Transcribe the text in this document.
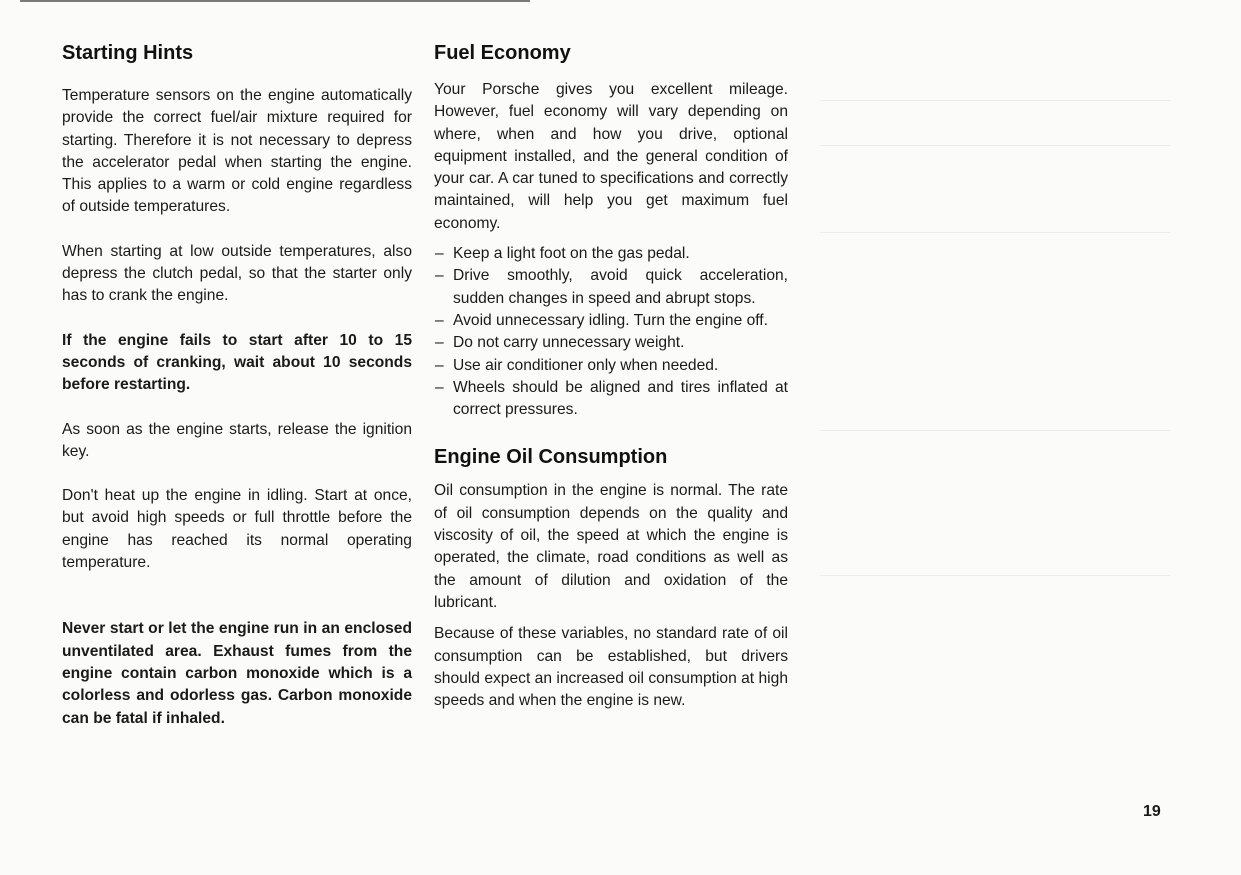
Starting Hints

Temperature sensors on the engine automatically provide the correct fuel/air mixture required for starting. Therefore it is not necessary to depress the accelerator pedal when starting the engine. This applies to a warm or cold engine regardless of outside temperatures.

When starting at low outside temperatures, also depress the clutch pedal, so that the starter only has to crank the engine.

If the engine fails to start after 10 to 15 seconds of cranking, wait about 10 seconds before restarting.

As soon as the engine starts, release the ignition key.

Don't heat up the engine in idling. Start at once, but avoid high speeds or full throttle before the engine has reached its normal operating temperature.

Never start or let the engine run in an enclosed unventilated area. Exhaust fumes from the engine contain carbon monoxide which is a colorless and odorless gas. Carbon monoxide can be fatal if inhaled.

Fuel Economy

Your Porsche gives you excellent mileage. However, fuel economy will vary depending on where, when and how you drive, optional equipment installed, and the general condition of your car. A car tuned to specifications and correctly maintained, will help you get maximum fuel economy.

– Keep a light foot on the gas pedal.
– Drive smoothly, avoid quick acceleration, sudden changes in speed and abrupt stops.
– Avoid unnecessary idling. Turn the engine off.
– Do not carry unnecessary weight.
– Use air conditioner only when needed.
– Wheels should be aligned and tires inflated at correct pressures.
Engine Oil Consumption

Oil consumption in the engine is normal. The rate of oil consumption depends on the quality and viscosity of oil, the speed at which the engine is operated, the climate, road conditions as well as the amount of dilution and oxidation of the lubricant.

Because of these variables, no standard rate of oil consumption can be established, but drivers should expect an increased oil consumption at high speeds and when the engine is new.

19
